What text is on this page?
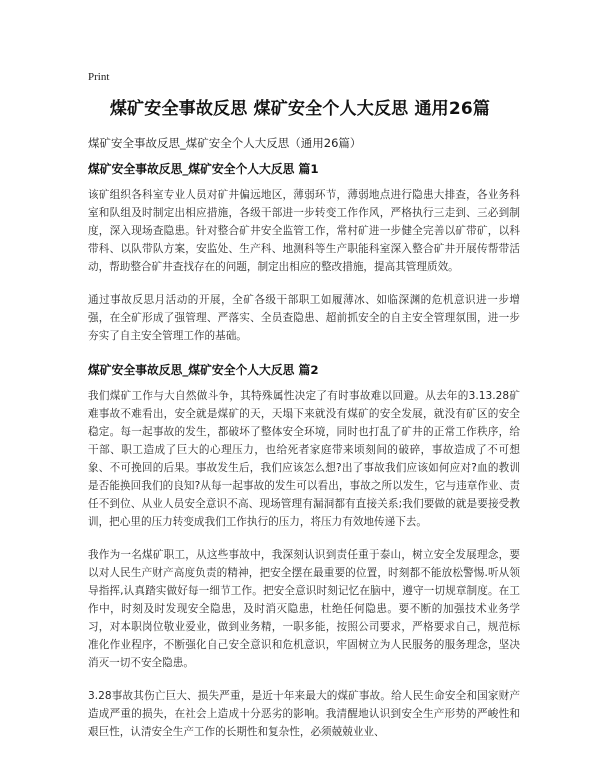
Print
煤矿安全事故反思 煤矿安全个人大反思 通用26篇
煤矿安全事故反思_煤矿安全个人大反思（通用26篇）
煤矿安全事故反思_煤矿安全个人大反思 篇1

该矿组织各科室专业人员对矿井偏远地区，薄弱环节，薄弱地点进行隐患大排查，各业务科室和队组及时制定出相应措施，各级干部进一步转变工作作风，严格执行三走到、三必到制度，深入现场查隐患。针对整合矿井安全监管工作，常村矿进一步健全完善以矿带矿，以科带科、以队带队方案，安监处、生产科、地测科等生产职能科室深入整合矿井开展传帮带活动，帮助整合矿井查找存在的问题，制定出相应的整改措施，提高其管理质效。

通过事故反思月活动的开展，全矿各级干部职工如履薄冰、如临深渊的危机意识进一步增强，在全矿形成了强管理、严落实、全员查隐患、超前抓安全的自主安全管理氛围，进一步夯实了自主安全管理工作的基础。

煤矿安全事故反思_煤矿安全个人大反思 篇2

我们煤矿工作与大自然做斗争，其特殊属性决定了有时事故难以回避。从去年的3.13.28矿难事故不难看出，安全就是煤矿的天，天塌下来就没有煤矿的安全发展，就没有矿区的安全稳定。每一起事故的发生，都破坏了整体安全环境，同时也打乱了矿井的正常工作秩序，给干部、职工造成了巨大的心理压力，也给死者家庭带来顷刻间的破碎，事故造成了不可想象、不可挽回的后果。事故发生后，我们应该怎么想?出了事故我们应该如何应对?血的教训是否能换回我们的良知?从每一起事故的发生可以看出，事故之所以发生，它与违章作业、责任不到位、从业人员安全意识不高、现场管理有漏洞都有直接关系;我们要做的就是要接受教训，把心里的压力转变成我们工作执行的压力，将压力有效地传递下去。

我作为一名煤矿职工，从这些事故中，我深刻认识到责任重于泰山，树立安全发展理念，要以对人民生产财产高度负责的精神，把安全摆在最重要的位置，时刻都不能放松警惕.听从领导指挥,认真踏实做好每一细节工作。把安全意识时刻记忆在脑中，遵守一切规章制度。在工作中，时刻及时发现安全隐患，及时消灭隐患，杜绝任何隐患。要不断的加强技术业务学习，对本职岗位敬业爱业，做到业务精，一职多能，按照公司要求，严格要求自己，规范标准化作业程序，不断强化自己安全意识和危机意识，牢固树立为人民服务的服务理念，坚决消灭一切不安全隐患。

3.28事故其伤亡巨大、损失严重，是近十年来最大的煤矿事故。给人民生命安全和国家财产造成严重的损失，在社会上造成十分恶劣的影响。我清醒地认识到安全生产形势的严峻性和艰巨性，认清安全生产工作的长期性和复杂性，必须兢兢业业、
